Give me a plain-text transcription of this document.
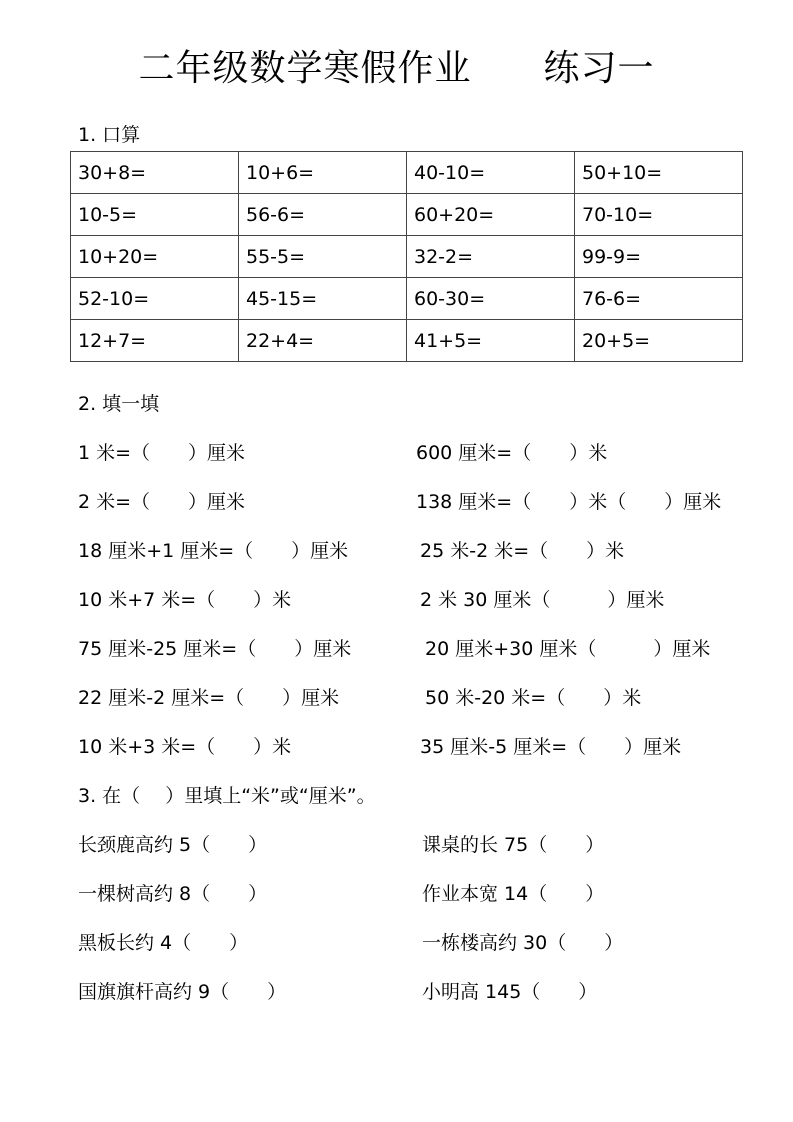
二年级数学寒假作业 练习一
1. 口算
30+8=	10+6=	40-10=	50+10=
10-5=	56-6=	60+20=	70-10=
10+20=	55-5=	32-2=	99-9=
52-10=	45-15=	60-30=	76-6=
12+7=	22+4=	41+5=	20+5=
2. 填一填
1 米=（　　）厘米	600 厘米=（　　）米
2 米=（　　）厘米	138 厘米=（　　）米（　　）厘米
18 厘米+1 厘米=（　　）厘米	25 米-2 米=（　　）米
10 米+7 米=（　　）米	2 米 30 厘米（　　　）厘米
75 厘米-25 厘米=（　　）厘米	20 厘米+30 厘米（　　　）厘米
22 厘米-2 厘米=（　　）厘米	50 米-20 米=（　　）米
10 米+3 米=（　　）米	35 厘米-5 厘米=（　　）厘米
3. 在（　 ）里填上“米”或“厘米”。
长颈鹿高约 5（　　）	课桌的长 75（　　）
一棵树高约 8（　　）	作业本宽 14（　　）
黑板长约 4（　　）	一栋楼高约 30（　　）
国旗旗杆高约 9（　　）	小明高 145（　　）
